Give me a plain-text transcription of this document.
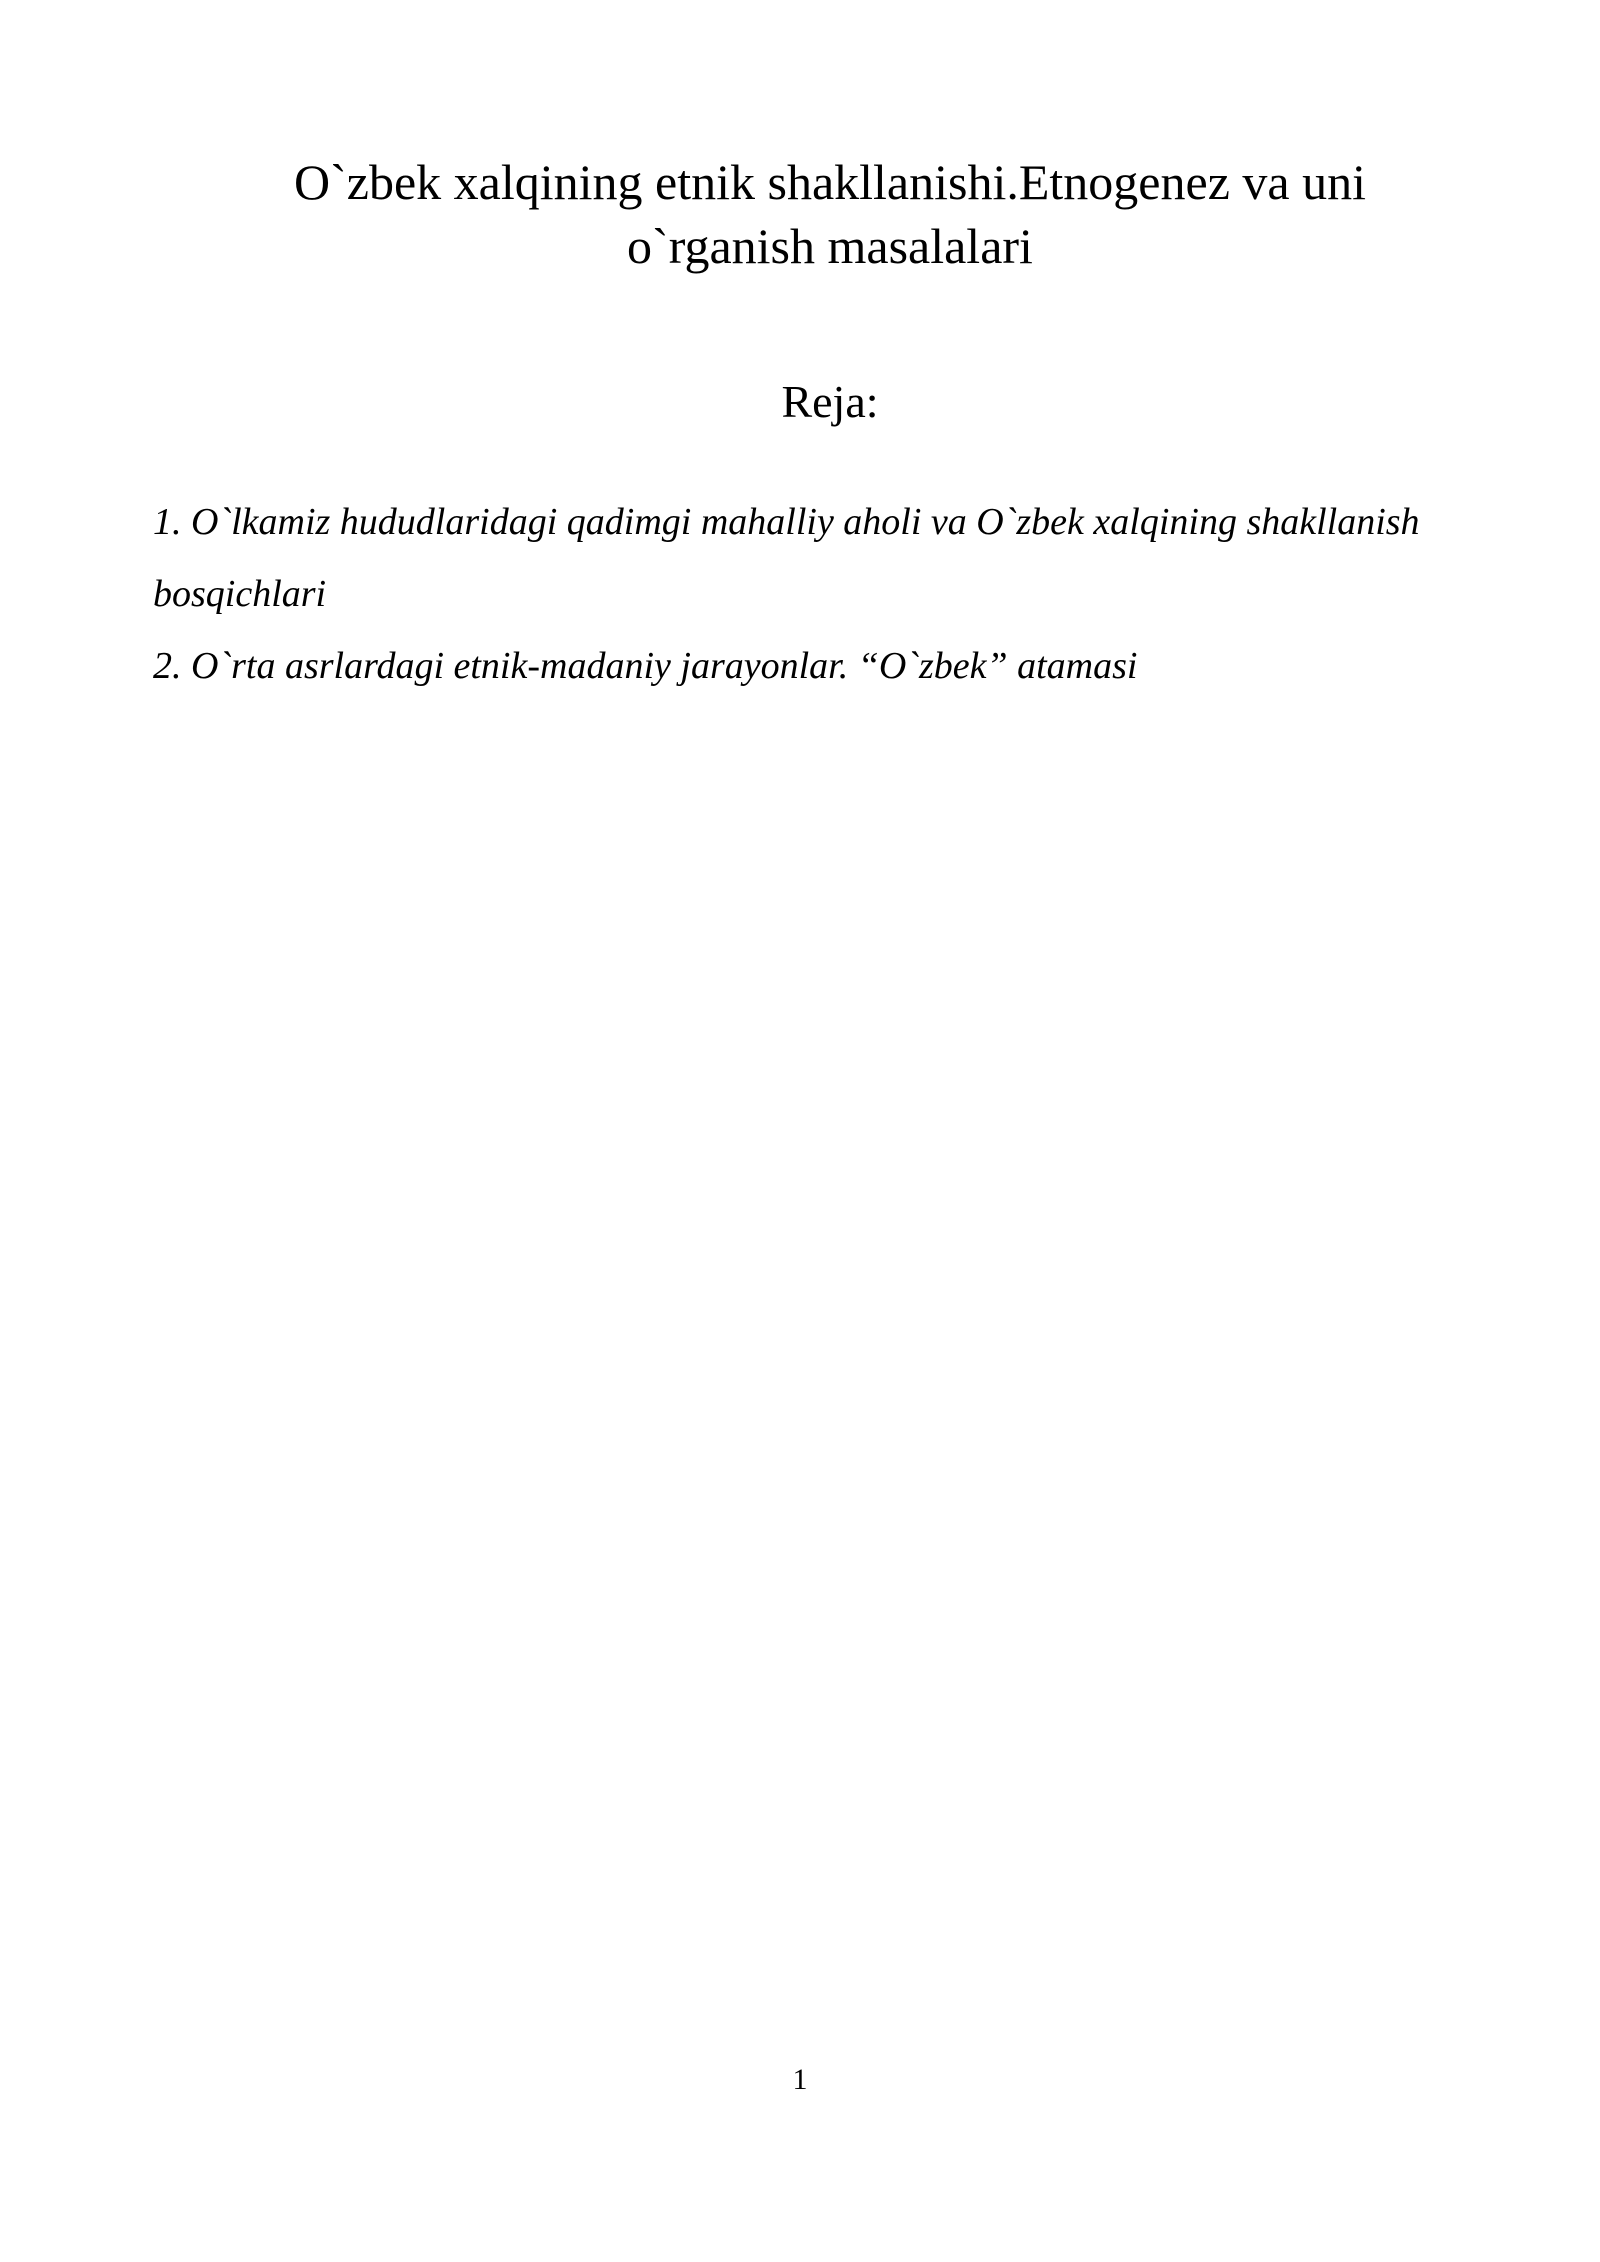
O`zbek xalqining etnik shakllanishi.Etnogenez va uni
o`rganish masalalari
Reja:
1. O`lkamiz hududlaridagi qadimgi mahalliy aholi va O`zbek xalqining shakllanish bosqichlari
2. O`rta asrlardagi etnik-madaniy jarayonlar. “O`zbek” atamasi
1
